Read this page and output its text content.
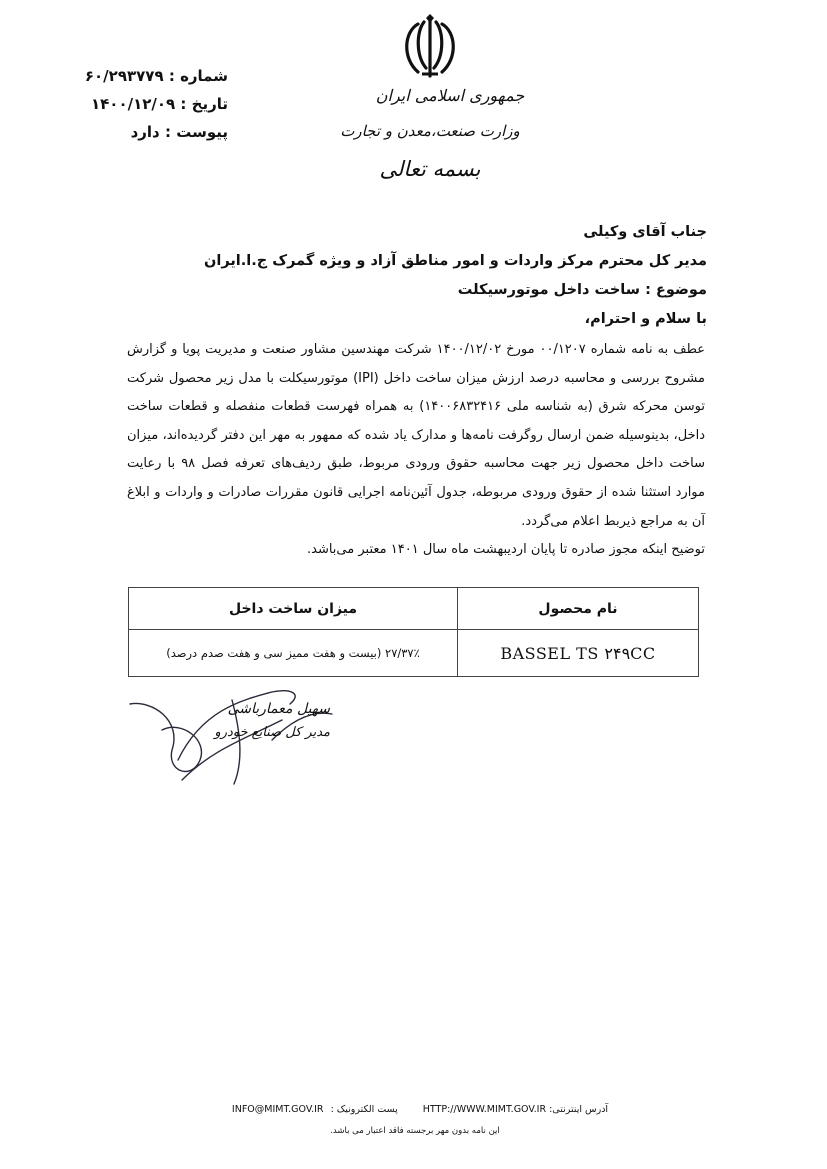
شماره : ۶۰/۲۹۳۷۷۹
تاریخ : ۱۴۰۰/۱۲/۰۹
پیوست : دارد
جمهوری اسلامی ایران
وزارت صنعت،معدن و تجارت
بسمه تعالی
جناب آقای وکیلی
مدیر کل محترم مرکز واردات و امور مناطق آزاد و ویژه گمرک ج.ا.ایران
موضوع : ساخت داخل موتورسیکلت
با سلام و احترام،
عطف به نامه شماره ۰۰/۱۲۰۷ مورخ ۱۴۰۰/۱۲/۰۲ شرکت مهندسین مشاور صنعت و مدیریت پویا و گزارش مشروح بررسی و محاسبه درصد ارزش میزان ساخت داخل (IPI) موتورسیکلت با مدل زیر محصول شرکت توسن محرکه شرق (به شناسه ملی ۱۴۰۰۶۸۳۲۴۱۶) به همراه فهرست قطعات منفصله و قطعات ساخت داخل، بدینوسیله ضمن ارسال روگرفت نامه‌ها و مدارک یاد شده که ممهور به مهر این دفتر گردیده‌اند، میزان ساخت داخل محصول زیر جهت محاسبه حقوق ورودی مربوط، طبق ردیف‌های تعرفه فصل ۹۸ با رعایت موارد استثنا شده از حقوق ورودی مربوطه، جدول آئین‌نامه اجرایی قانون مقررات صادرات و واردات و ابلاغ آن به مراجع ذیربط اعلام می‌گردد.
توضیح اینکه مجوز صادره تا پایان اردیبهشت ماه سال ۱۴۰۱ معتبر می‌باشد.
نام محصول	میزان ساخت داخل
BASSEL TS ۲۴۹CC	۲۷/۳۷٪ (بیست و هفت ممیز سی و هفت صدم درصد)
سهیل معمارباشی
مدیر کل صنایع خودرو
INFO@MIMT.GOV.IR پست الکترونیک :	HTTP://WWW.MIMT.GOV.IR آدرس اینترنتی:
این نامه بدون مهر برجسته فاقد اعتبار می باشد.
